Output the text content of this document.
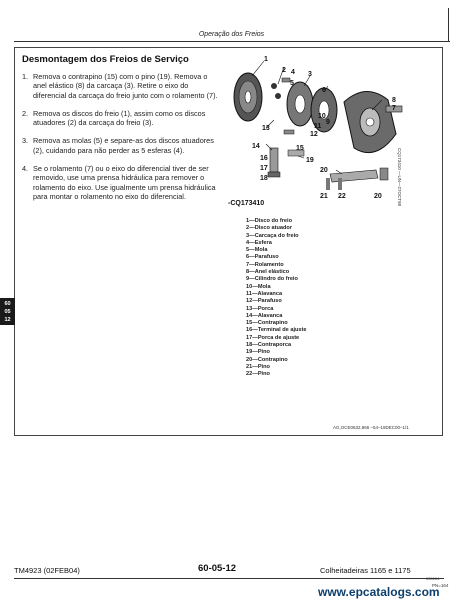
Operação dos Freios
Desmontagem dos Freios de Serviço
1. Remova o contrapino (15) com o pino (19). Remova o anel elástico (8) da carcaça (3). Retire o eixo do diferencial da carcaça do freio junto com o rolamento (7).
2. Remova os discos do freio (1), assim como os discos atuadores (2) da carcaça do freio (3).
3. Remova as molas (5) e separe-as dos discos atuadores (2), cuidando para não perder as 5 esferas (4).
4. Se o rolamento (7) ou o eixo do diferencial tiver de ser removido, use uma prensa hidráulica para remover o rolamento do eixo. Use igualmente um prensa hidráulica para montar o rolamento no eixo do diferencial.
60
05
12
1
2 4
5
3
6
7
8
10
9
11
12
13
14	15
16
17
18
19
20
21 22	20	CQ173410 —UN—27OCT98
-CQ173410
1—Disco do freio
2—Disco atuador
3—Carcaça do freio
4—Esfera
5—Mola
6—Parafuso
7—Rolamento
8—Anel elástico
9—Cilindro do freio
10—Mola
11—Alavanca
12—Parafuso
13—Porca
14—Alavanca
15—Contrapino
16—Terminal de ajuste
17—Porca de ajuste
18—Contraporca
19—Pino
20—Contrapino
21—Pino
22—Pino
AG,OCE0632,866 –54–19DEC00–1/1
TM4923 (02FEB04)	60-05-12	Colheitadeiras 1165 e 1175
030004
PN=164
www.epcatalogs.com
